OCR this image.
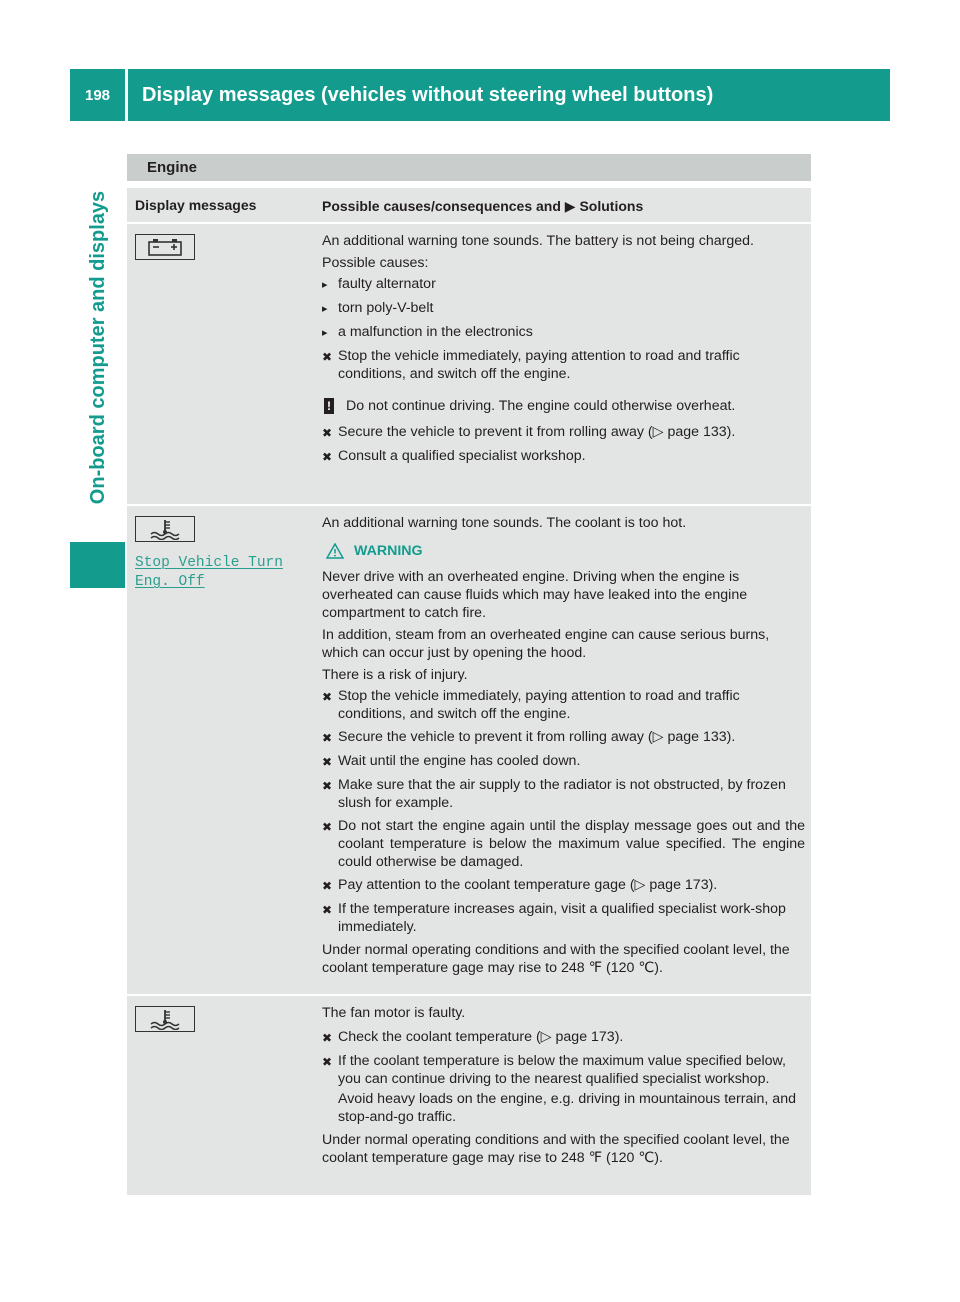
198	Display messages (vehicles without steering wheel buttons)
On-board computer and displays
Engine
Display messages	Possible causes/consequences and ▶ Solutions

An additional warning tone sounds. The battery is not being charged.

Possible causes:

▸ faulty alternator
▸ torn poly-V-belt
▸ a malfunction in the electronics
✖ Stop the vehicle immediately, paying attention to road and traffic conditions, and switch off the engine.
! Do not continue driving. The engine could otherwise overheat.
✖ Secure the vehicle to prevent it from rolling away (▷ page 133).
✖ Consult a qualified specialist workshop.
Stop Vehicle Turn
Eng. Off

An additional warning tone sounds. The coolant is too hot.

WARNING

Never drive with an overheated engine. Driving when the engine is overheated can cause fluids which may have leaked into the engine compartment to catch fire.

In addition, steam from an overheated engine can cause serious burns, which can occur just by opening the hood.

There is a risk of injury.

✖ Stop the vehicle immediately, paying attention to road and traffic conditions, and switch off the engine.
✖ Secure the vehicle to prevent it from rolling away (▷ page 133).
✖ Wait until the engine has cooled down.
✖ Make sure that the air supply to the radiator is not obstructed, by frozen slush for example.
✖ Do not start the engine again until the display message goes out and the coolant temperature is below the maximum value specified. The engine could otherwise be damaged.
✖ Pay attention to the coolant temperature gage (▷ page 173).
✖ If the temperature increases again, visit a qualified specialist work-shop immediately.

Under normal operating conditions and with the specified coolant level, the coolant temperature gage may rise to 248 ℉ (120 ℃).

The fan motor is faulty.

✖ Check the coolant temperature (▷ page 173).
✖ If the coolant temperature is below the maximum value specified below, you can continue driving to the nearest qualified specialist workshop.
Avoid heavy loads on the engine, e.g. driving in mountainous terrain, and stop-and-go traffic.

Under normal operating conditions and with the specified coolant level, the coolant temperature gage may rise to 248 ℉ (120 ℃).
